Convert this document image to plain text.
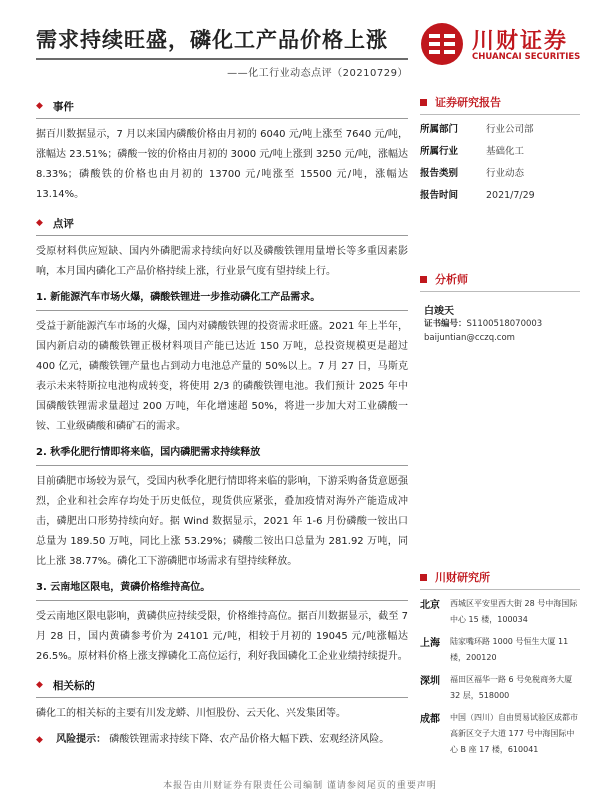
需求持续旺盛，磷化工产品价格上涨
——化工行业动态点评（20210729）
川财证券
CHUANCAI SECURITIES
◆ 事件

据百川数据显示，7 月以来国内磷酸价格由月初的 6040 元/吨上涨至 7640 元/吨，涨幅达 23.51%；磷酸一铵的价格由月初的 3000 元/吨上涨到 3250 元/吨，涨幅达 8.33%；磷酸铁的价格也由月初的 13700 元/吨涨至 15500 元/吨，涨幅达 13.14%。

◆ 点评

受原材料供应短缺、国内外磷肥需求持续向好以及磷酸铁锂用量增长等多重因素影响，本月国内磷化工产品价格持续上涨，行业景气度有望持续上行。

1. 新能源汽车市场火爆，磷酸铁锂进一步推动磷化工产品需求。

受益于新能源汽车市场的火爆，国内对磷酸铁锂的投资需求旺盛。2021 年上半年，国内新启动的磷酸铁锂正极材料项目产能已达近 150 万吨，总投资规模更是超过 400 亿元，磷酸铁锂产量也占到动力电池总产量的 50%以上。7 月 27 日，马斯克表示未来特斯拉电池构成转变，将使用 2/3 的磷酸铁锂电池。我们预计 2025 年中国磷酸铁锂需求量超过 200 万吨，年化增速超 50%，将进一步加大对工业磷酸一铵、工业级磷酸和磷矿石的需求。

2. 秋季化肥行情即将来临，国内磷肥需求持续释放

目前磷肥市场较为景气，受国内秋季化肥行情即将来临的影响，下游采购备货意愿强烈，企业和社会库存均处于历史低位，现货供应紧张，叠加疫情对海外产能造成冲击，磷肥出口形势持续向好。据 Wind 数据显示，2021 年 1-6 月份磷酸一铵出口总量为 189.50 万吨，同比上涨 53.29%；磷酸二铵出口总量为 281.92 万吨，同比上涨 38.77%。磷化工下游磷肥市场需求有望持续释放。

3. 云南地区限电，黄磷价格维持高位。

受云南地区限电影响，黄磷供应持续受限，价格维持高位。据百川数据显示，截至 7 月 28 日，国内黄磷参考价为 24101 元/吨，相较于月初的 19045 元/吨涨幅达 26.5%。原材料价格上涨支撑磷化工高位运行，利好我国磷化工企业业绩持续提升。

◆ 相关标的

磷化工的相关标的主要有川发龙蟒、川恒股份、云天化、兴发集团等。

◆ 风险提示： 磷酸铁锂需求持续下降、农产品价格大幅下跌、宏观经济风险。
证券研究报告
所属部门	行业公司部
所属行业	基础化工
报告类别	行业动态
报告时间	2021/7/29
分析师
白竣天
证书编号：S1100518070003
baijuntian@cczq.com
川财研究所
北京	西城区平安里西大街 28 号中海国际中心 15 楼，100034
上海	陆家嘴环路 1000 号恒生大厦 11 楼，200120
深圳	福田区福华一路 6 号免税商务大厦 32 层，518000
成都	中国（四川）自由贸易试验区成都市高新区交子大道 177 号中海国际中心 B 座 17 楼，610041
本报告由川财证券有限责任公司编制 谨请参阅尾页的重要声明
